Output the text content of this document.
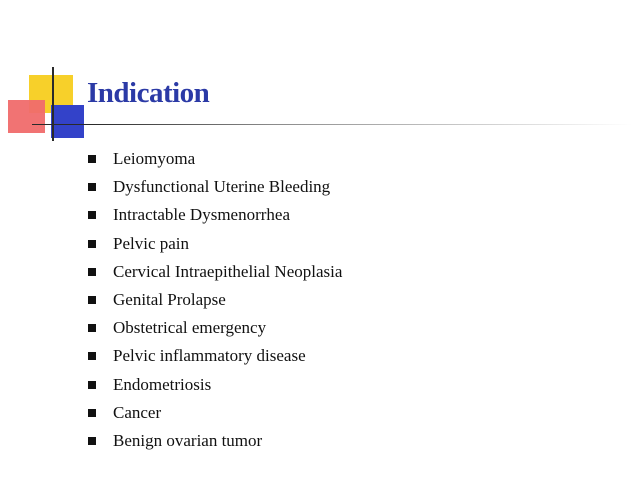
Indication
Leiomyoma
Dysfunctional Uterine Bleeding
Intractable Dysmenorrhea
Pelvic pain
Cervical Intraepithelial Neoplasia
Genital Prolapse
Obstetrical emergency
Pelvic inflammatory disease
Endometriosis
Cancer
Benign ovarian tumor
